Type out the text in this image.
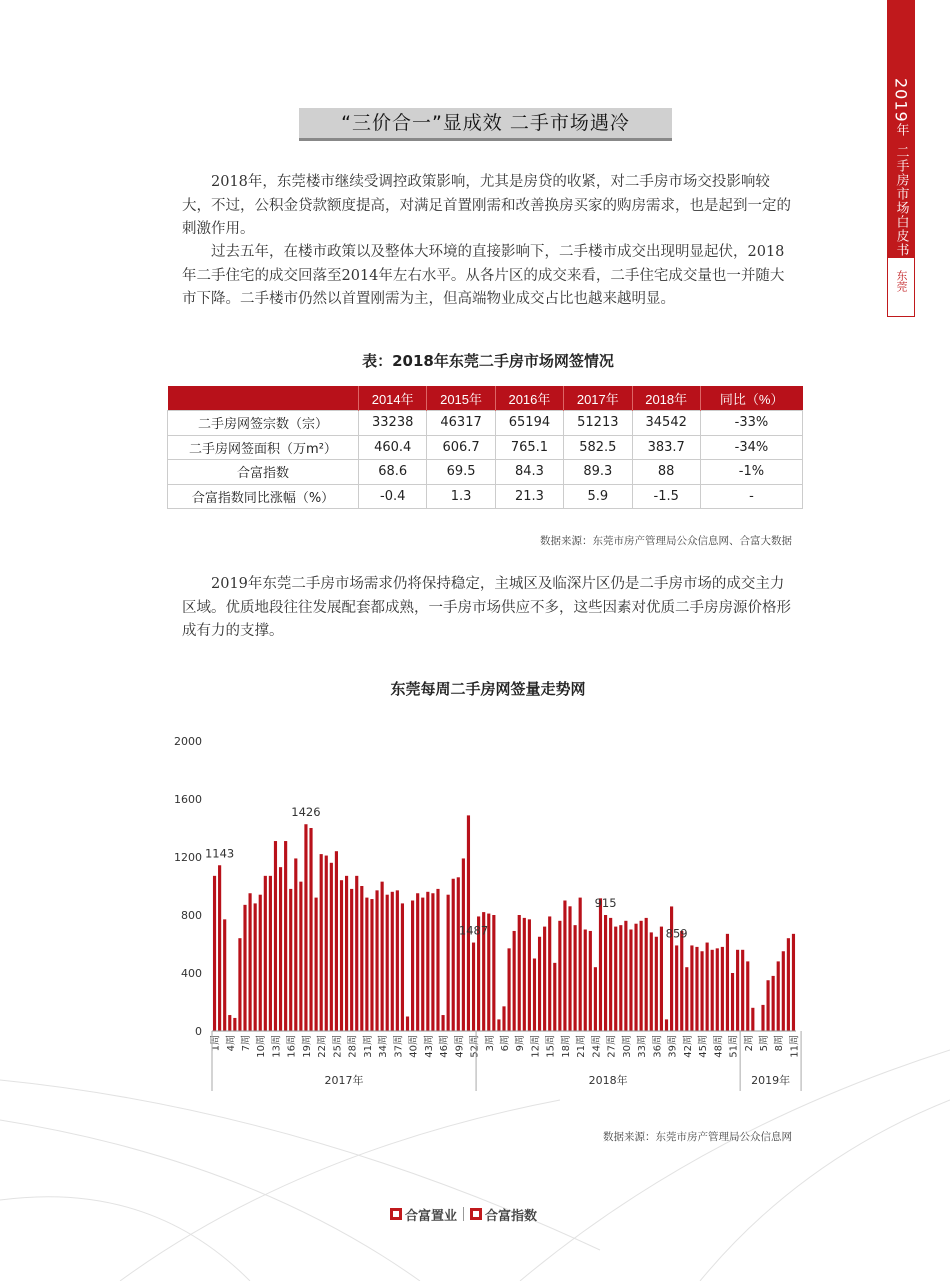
2019
年
二手房市场白皮书
东莞
“三价合一”显成效 二手市场遇冷

2018年，东莞楼市继续受调控政策影响，尤其是房贷的收紧，对二手房市场交投影响较大，不过，公积金贷款额度提高，对满足首置刚需和改善换房买家的购房需求，也是起到一定的刺激作用。

过去五年，在楼市政策以及整体大环境的直接影响下，二手楼市成交出现明显起伏，2018年二手住宅的成交回落至2014年左右水平。从各片区的成交来看，二手住宅成交量也一并随大市下降。二手楼市仍然以首置刚需为主，但高端物业成交占比也越来越明显。

表：2018年东莞二手房市场网签情况
	2014年	2015年	2016年	2017年	2018年	同比（%）
二手房网签宗数（宗）	33238	46317	65194	51213	34542	-33%
二手房网签面积（万m²）	460.4	606.7	765.1	582.5	383.7	-34%
合富指数	68.6	69.5	84.3	89.3	88	-1%
合富指数同比涨幅（%）	-0.4	1.3	21.3	5.9	-1.5	-
数据来源：东莞市房产管理局公众信息网、合富大数据

2019年东莞二手房市场需求仍将保持稳定，主城区及临深片区仍是二手房市场的成交主力区域。优质地段往往发展配套都成熟，一手房市场供应不多，这些因素对优质二手房房源价格形成有力的支撑。

东莞每周二手房网签量走势网
0
400
800
1200
1600
2000
1143
1426
1487
915
859
1周 4周 7周 10周 13周 16周 19周 22周 25周 28周 31周 34周 37周 40周 43周 46周 49周 52周 3周 6周 9周 12周 15周 18周 21周 24周 27周 30周 33周 36周 39周 42周 45周 48周 51周 2周 5周 8周 11周
2017年	2018年	2019年
数据来源：东莞市房产管理局公众信息网
合富置业 合富指数
